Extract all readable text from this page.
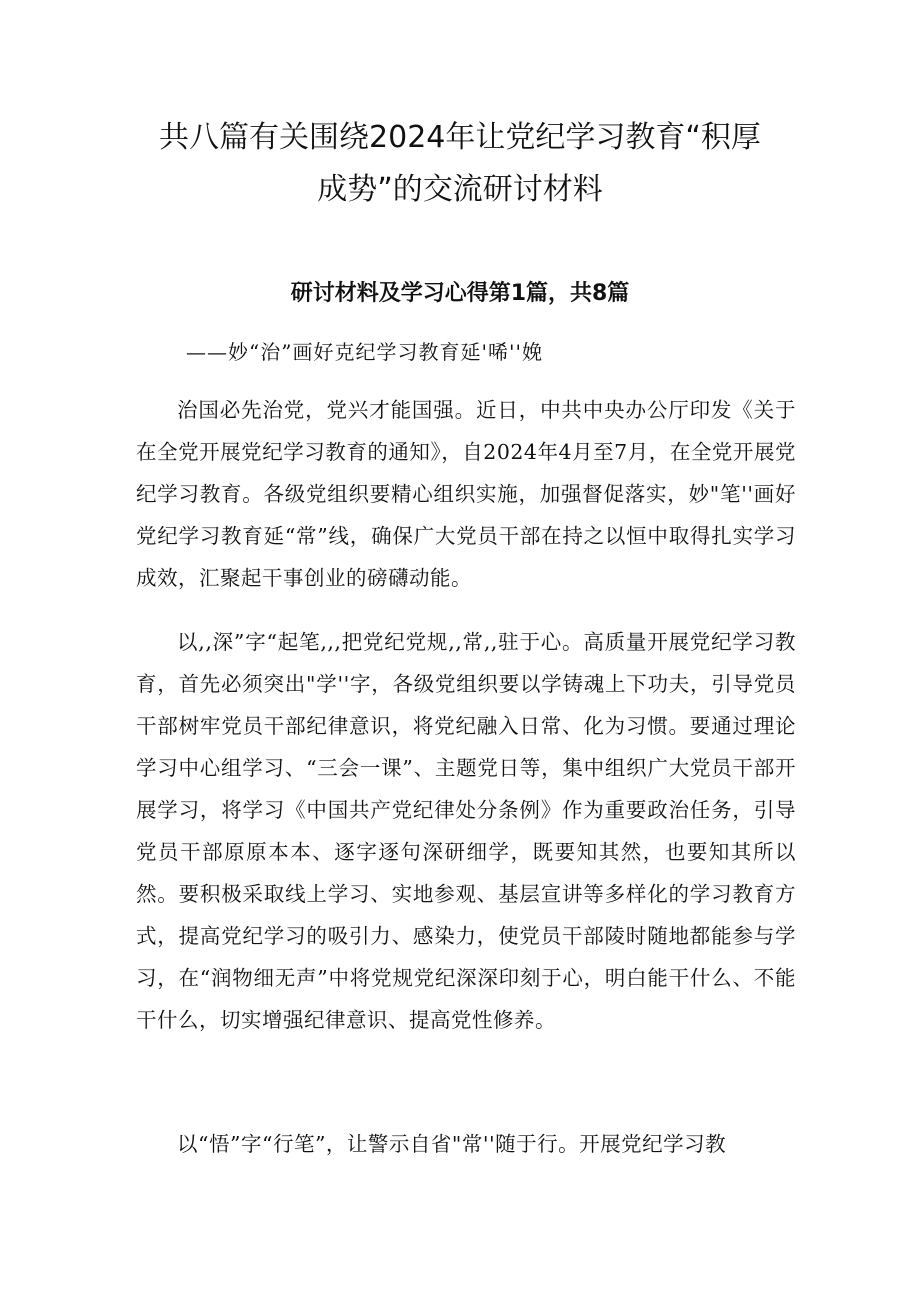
共八篇有关围绕2024年让党纪学习教育“积厚成势”的交流研讨材料
研讨材料及学习心得第1篇，共8篇

——妙“治”画好克纪学习教育延'唏''娩

治国必先治党，党兴才能国强。近日，中共中央办公厅印发《关于在全党开展党纪学习教育的通知》，自2024年4月至7月，在全党开展党纪学习教育。各级党组织要精心组织实施，加强督促落实，妙"笔''画好党纪学习教育延“常”线，确保广大党员干部在持之以恒中取得扎实学习成效，汇聚起干事创业的磅礴动能。

以,,深”字“起笔,,,把党纪党规,,常,,驻于心。高质量开展党纪学习教育，首先必须突出"学''字，各级党组织要以学铸魂上下功夫，引导党员干部树牢党员干部纪律意识，将党纪融入日常、化为习惯。要通过理论学习中心组学习、“三会一课”、主题党日等，集中组织广大党员干部开展学习，将学习《中国共产党纪律处分条例》作为重要政治任务，引导党员干部原原本本、逐字逐句深研细学，既要知其然，也要知其所以然。要积极采取线上学习、实地参观、基层宣讲等多样化的学习教育方式，提高党纪学习的吸引力、感染力，使党员干部陵时随地都能参与学习，在“润物细无声”中将党规党纪深深印刻于心，明白能干什么、不能干什么，切实增强纪律意识、提高党性修养。

以“悟”字“行笔”，让警示自省"常''随于行。开展党纪学习教
